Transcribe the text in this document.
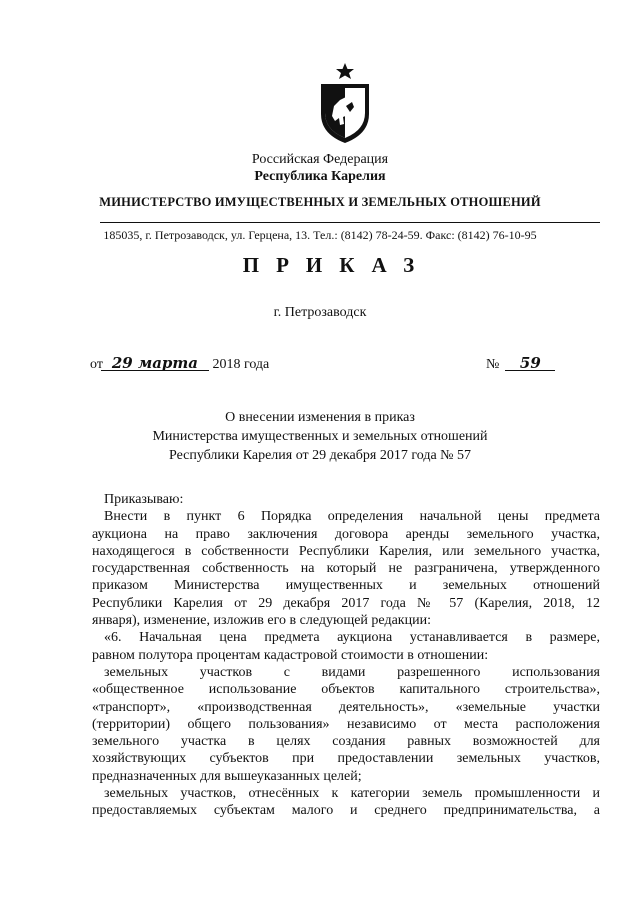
Российская Федерация
Республика Карелия
МИНИСТЕРСТВО ИМУЩЕСТВЕННЫХ И ЗЕМЕЛЬНЫХ ОТНОШЕНИЙ
185035, г. Петрозаводск, ул. Герцена, 13. Тел.: (8142) 78-24-59. Факс: (8142) 76-10-95
ПРИКАЗ
г. Петрозаводск
от 29 марта 2018 года	№ 59
О внесении изменения в приказ
Министерства имущественных и земельных отношений
Республики Карелия от 29 декабря 2017 года № 57

Приказываю:

Внести в пункт 6 Порядка определения начальной цены предмета

аукциона на право заключения договора аренды земельного участка,

находящегося в собственности Республики Карелия, или земельного участка,

государственная собственность на который не разграничена, утвержденного

приказом Министерства имущественных и земельных отношений

Республики Карелия от 29 декабря 2017 года № 57 (Карелия, 2018, 12

января), изменение, изложив его в следующей редакции:

«6. Начальная цена предмета аукциона устанавливается в размере,

равном полутора процентам кадастровой стоимости в отношении:

земельных участков с видами разрешенного использования

«общественное использование объектов капитального строительства»,

«транспорт», «производственная деятельность», «земельные участки

(территории) общего пользования» независимо от места расположения

земельного участка в целях создания равных возможностей для

хозяйствующих субъектов при предоставлении земельных участков,

предназначенных для вышеуказанных целей;

земельных участков, отнесённых к категории земель промышленности и

предоставляемых субъектам малого и среднего предпринимательства, а
